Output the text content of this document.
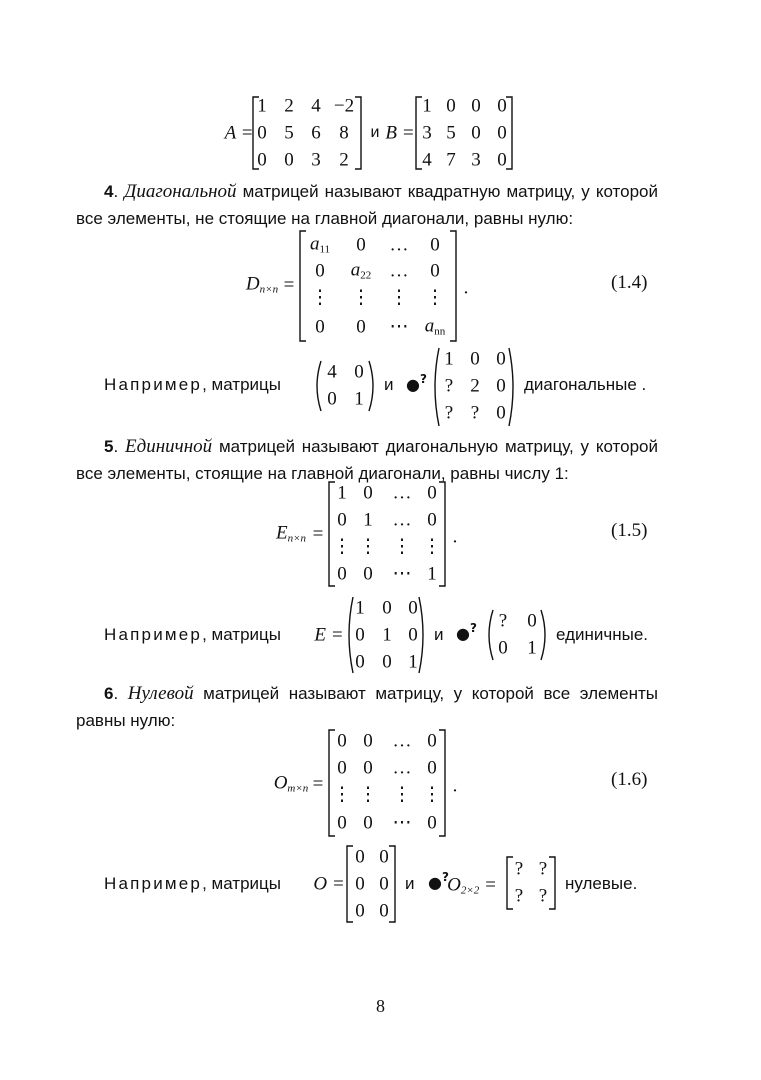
A =
1 2 4 −2
0 5 6 8
0 0 3 2
и B =
1 0 0 0
3 5 0 0
4 7 3 0
4. Диагональной матрицей называют квадратную матрицу, у которой все элементы, не стоящие на главной диагонали, равны нулю:
$D_{n\times n}$ =
$a_{11}$ 0 … 0
0 $a_{22}$ … 0
⋮ ⋮ ⋮ ⋮
0 0 ⋯ $a_{nn}$
.	(1.4)
Например, матрицы
4 0
0 1
и ●?
1 0 0
? 2 0
? ? 0
диагональные .
5. Единичной матрицей называют диагональную матрицу, у которой все элементы, стоящие на главной диагонали, равны числу 1:
$E_{n\times n}$ =
1 0 … 0
0 1 … 0
⋮ ⋮ ⋮ ⋮
0 0 ⋯ 1
.	(1.5)
Например, матрицы E =
1 0 0
0 1 0
0 0 1
и ●? ? 0
0 1
единичные.
6. Нулевой матрицей называют матрицу, у которой все элементы равны нулю:
$O_{m\times n}$ =
0 0 … 0
0 0 … 0
⋮ ⋮ ⋮ ⋮
0 0 ⋯ 0
.	(1.6)
Например, матрицы O =
0 0
0 0
0 0
и ●?
$O_{2\times 2}$ =
? ?
? ?
нулевые.
8
